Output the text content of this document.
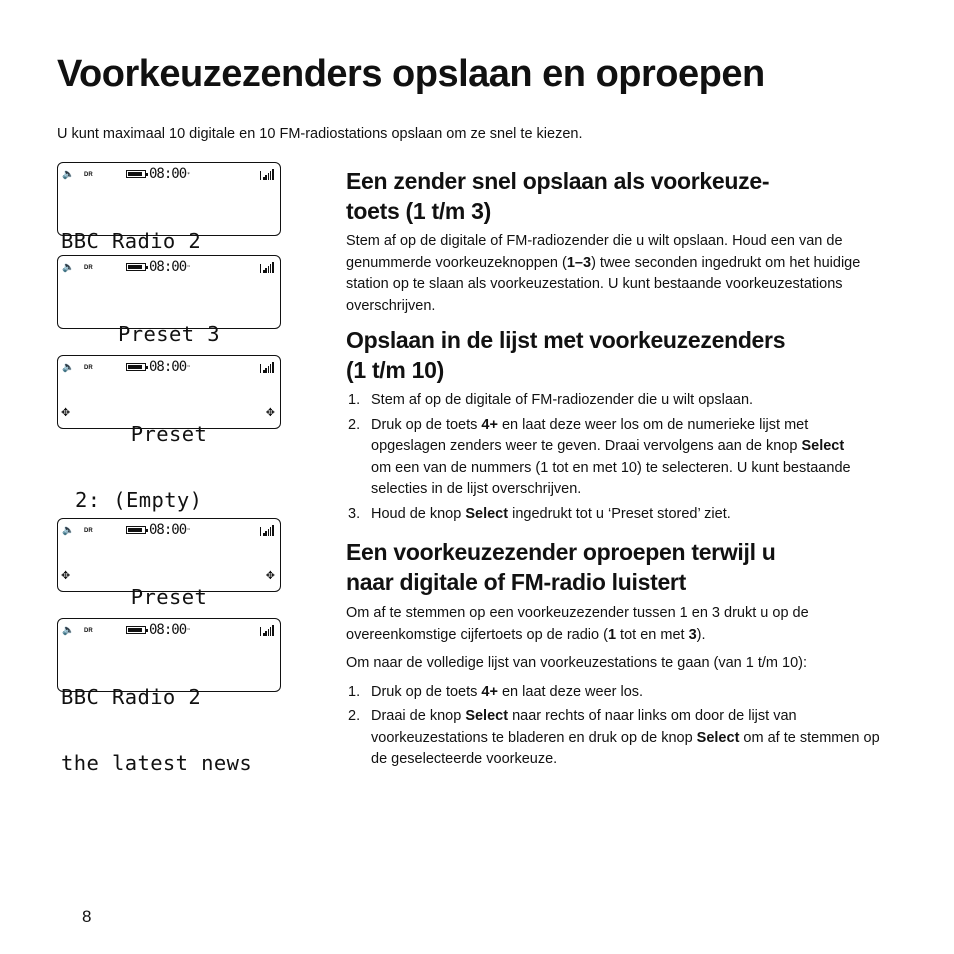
Voorkeuzezenders opslaan en oproepen

U kunt maximaal 10 digitale en 10 FM-radiostations opslaan om ze snel te kiezen.

🔈 DR	08:00*

BBC Radio 2

🔈 DR	08:00™

Preset 3

🔈 DR	08:00™

Preset

2: (Empty)

✥	✥
🔈 DR	08:00™

Preset

✥	✥
🔈 DR	08:00™

BBC Radio 2

the latest news

Een zender snel opslaan als voorkeuze-
toets (1 t/m 3)

Stem af op de digitale of FM-radiozender die u wilt opslaan. Houd een van de genummerde voorkeuzeknoppen (1–3) twee seconden ingedrukt om het huidige station op te slaan als voorkeuzestation. U kunt bestaande voorkeuzestations overschrijven.

Opslaan in de lijst met voorkeuzezenders
(1 t/m 10)
1. Stem af op de digitale of FM-radiozender die u wilt opslaan.
2. Druk op de toets 4+ en laat deze weer los om de numerieke lijst met opgeslagen zenders weer te geven. Draai vervolgens aan de knop Select om een van de nummers (1 tot en met 10) te selecteren. U kunt bestaande selecties in de lijst overschrijven.
3. Houd de knop Select ingedrukt tot u ‘Preset stored’ ziet.
Een voorkeuzezender oproepen terwijl u
naar digitale of FM-radio luistert

Om af te stemmen op een voorkeuzezender tussen 1 en 3 drukt u op de overeenkomstige cijfertoets op de radio (1 tot en met 3).

Om naar de volledige lijst van voorkeuzestations te gaan (van 1 t/m 10):

1. Druk op de toets 4+ en laat deze weer los.
2. Draai de knop Select naar rechts of naar links om door de lijst van voorkeuzestations te bladeren en druk op de knop Select om af te stemmen op de geselecteerde voorkeuze.
8
